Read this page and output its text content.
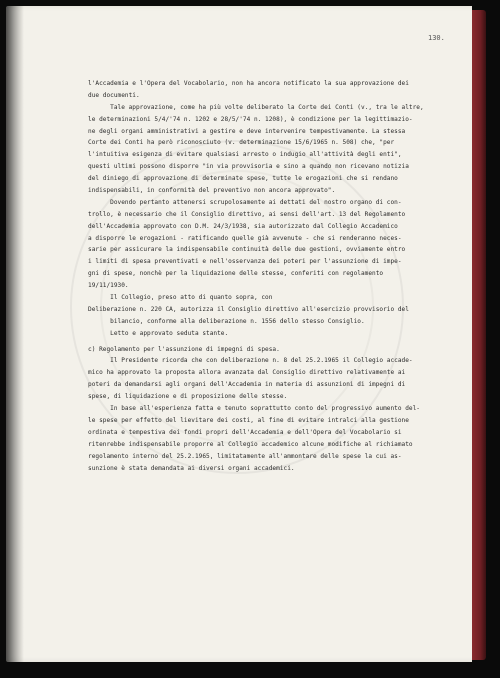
130.
l'Accademia e l'Opera del Vocabolario, non ha ancora notificato la sua approvazione dei
due documenti.
Tale approvazione, come ha più volte deliberato la Corte dei Conti (v., tra le altre,
le determinazioni 5/4/'74 n. 1202 e 28/5/'74 n. 1208), è condizione per la legittimazio-
ne degli organi amministrativi a gestire e deve intervenire tempestivamente. La stessa
Corte dei Conti ha però riconosciuto (v. determinazione 15/6/1965 n. 508) che, "per
l'intuitiva esigenza di evitare qualsiasi arresto o indugio all'attività degli enti",
questi ultimi possono disporre "in via provvisoria e sino a quando non ricevano notizia
del diniego di approvazione di determinate spese, tutte le erogazioni che si rendano
indispensabili, in conformità del preventivo non ancora approvato".
Dovendo pertanto attenersi scrupolosamente ai dettati del nostro organo di con-
trollo, è necessario che il Consiglio direttivo, ai sensi dell'art. 13 del Regolamento
dell'Accademia approvato con D.M. 24/3/1938, sia autorizzato dal Collegio Accademico
a disporre le erogazioni - ratificando quelle già avvenute - che si renderanno neces-
sarie per assicurare la indispensabile continuità delle due gestioni, ovviamente entro
i limiti di spesa preventivati e nell'osservanza dei poteri per l'assunzione di impe-
gni di spese, nonchè per la liquidazione delle stesse, conferiti con regolamento
19/11/1930.
Il Collegio, preso atto di quanto sopra, con
Deliberazione n. 220 CA, autorizza il Consiglio direttivo all'esercizio provvisorio del
bilancio, conforme alla deliberazione n. 1556 dello stesso Consiglio.
Letto e approvato seduta stante.
c) Regolamento per l'assunzione di impegni di spesa.
Il Presidente ricorda che con deliberazione n. 8 del 25.2.1965 il Collegio accade-
mico ha approvato la proposta allora avanzata dal Consiglio direttivo relativamente ai
poteri da demandarsi agli organi dell'Accademia in materia di assunzioni di impegni di
spese, di liquidazione e di proposizione delle stesse.
In base all'esperienza fatta e tenuto soprattutto conto del progressivo aumento del-
le spese per effetto del lievitare dei costi, al fine di evitare intralci alla gestione
ordinata e tempestiva dei fondi propri dell'Accademia e dell'Opera del Vocabolario si
ritenrebbe indispensabile proporre al Collegio accademico alcune modifiche al richiamato
regolamento interno del 25.2.1965, limitatamente all'ammontare delle spese la cui as-
sunzione è stata demandata ai diversi organi accademici.
